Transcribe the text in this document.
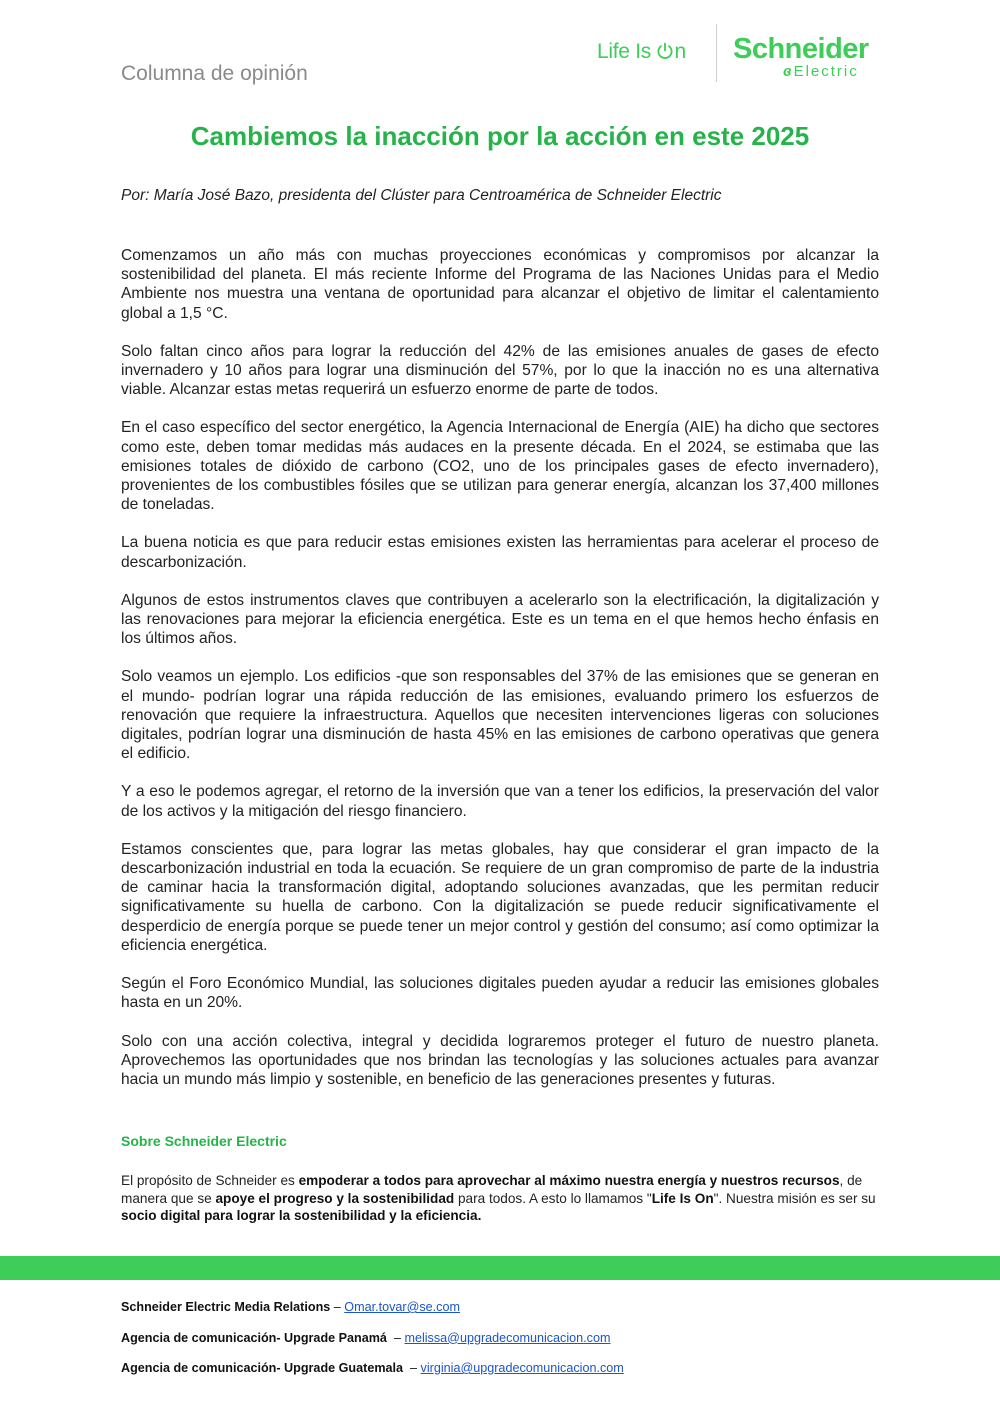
Columna de opinión
Life Is n Schneider
ɞ Electric
Cambiemos la inacción por la acción en este 2025
Por: María José Bazo, presidenta del Clúster para Centroamérica de Schneider Electric

Comenzamos un año más con muchas proyecciones económicas y compromisos por alcanzar la sostenibilidad del planeta. El más reciente Informe del Programa de las Naciones Unidas para el Medio Ambiente nos muestra una ventana de oportunidad para alcanzar el objetivo de limitar el calentamiento global a 1,5 °C.

Solo faltan cinco años para lograr la reducción del 42% de las emisiones anuales de gases de efecto invernadero y 10 años para lograr una disminución del 57%, por lo que la inacción no es una alternativa viable. Alcanzar estas metas requerirá un esfuerzo enorme de parte de todos.

En el caso específico del sector energético, la Agencia Internacional de Energía (AIE) ha dicho que sectores como este, deben tomar medidas más audaces en la presente década. En el 2024, se estimaba que las emisiones totales de dióxido de carbono (CO2, uno de los principales gases de efecto invernadero), provenientes de los combustibles fósiles que se utilizan para generar energía, alcanzan los 37,400 millones de toneladas.

La buena noticia es que para reducir estas emisiones existen las herramientas para acelerar el proceso de descarbonización.

Algunos de estos instrumentos claves que contribuyen a acelerarlo son la electrificación, la digitalización y las renovaciones para mejorar la eficiencia energética. Este es un tema en el que hemos hecho énfasis en los últimos años.

Solo veamos un ejemplo. Los edificios -que son responsables del 37% de las emisiones que se generan en el mundo- podrían lograr una rápida reducción de las emisiones, evaluando primero los esfuerzos de renovación que requiere la infraestructura. Aquellos que necesiten intervenciones ligeras con soluciones digitales, podrían lograr una disminución de hasta 45% en las emisiones de carbono operativas que genera el edificio.

Y a eso le podemos agregar, el retorno de la inversión que van a tener los edificios, la preservación del valor de los activos y la mitigación del riesgo financiero.

Estamos conscientes que, para lograr las metas globales, hay que considerar el gran impacto de la descarbonización industrial en toda la ecuación. Se requiere de un gran compromiso de parte de la industria de caminar hacia la transformación digital, adoptando soluciones avanzadas, que les permitan reducir significativamente su huella de carbono. Con la digitalización se puede reducir significativamente el desperdicio de energía porque se puede tener un mejor control y gestión del consumo; así como optimizar la eficiencia energética.

Según el Foro Económico Mundial, las soluciones digitales pueden ayudar a reducir las emisiones globales hasta en un 20%.

Solo con una acción colectiva, integral y decidida lograremos proteger el futuro de nuestro planeta. Aprovechemos las oportunidades que nos brindan las tecnologías y las soluciones actuales para avanzar hacia un mundo más limpio y sostenible, en beneficio de las generaciones presentes y futuras.

Sobre Schneider Electric
El propósito de Schneider es empoderar a todos para aprovechar al máximo nuestra energía y nuestros recursos, de manera que se apoye el progreso y la sostenibilidad para todos. A esto lo llamamos "Life Is On". Nuestra misión es ser su socio digital para lograr la sostenibilidad y la eficiencia.
Schneider Electric Media Relations – Omar.tovar@se.com
Agencia de comunicación- Upgrade Panamá  – melissa@upgradecomunicacion.com
Agencia de comunicación- Upgrade Guatemala  – virginia@upgradecomunicacion.com
